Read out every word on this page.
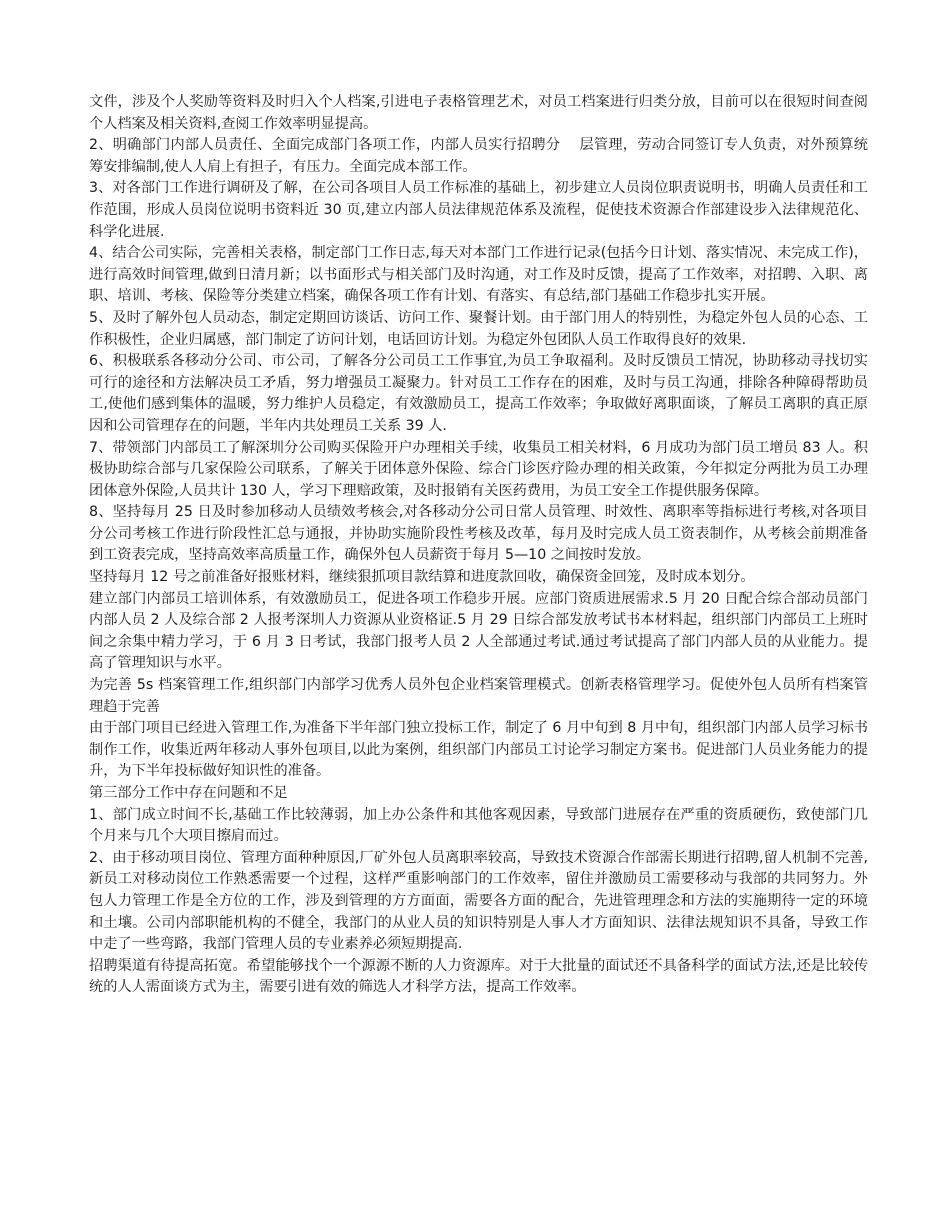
文件，涉及个人奖励等资料及时归入个人档案,引进电子表格管理艺术，对员工档案进行归类分放，目前可以在很短时间查阅个人档案及相关资料,查阅工作效率明显提高。

2、明确部门内部人员责任、全面完成部门各项工作，内部人员实行招聘分　 层管理，劳动合同签订专人负责，对外预算统筹安排编制,使人人肩上有担子，有压力。全面完成本部工作。

3、对各部门工作进行调研及了解，在公司各项目人员工作标准的基础上，初步建立人员岗位职责说明书，明确人员责任和工作范围，形成人员岗位说明书资料近 30 页,建立内部人员法律规范体系及流程，促使技术资源合作部建设步入法律规范化、科学化进展.

4、结合公司实际，完善相关表格，制定部门工作日志,每天对本部门工作进行记录(包括今日计划、落实情况、未完成工作)，进行高效时间管理,做到日清月新；以书面形式与相关部门及时沟通，对工作及时反馈，提高了工作效率，对招聘、入职、离职、培训、考核、保险等分类建立档案，确保各项工作有计划、有落实、有总结,部门基础工作稳步扎实开展。

5、及时了解外包人员动态，制定定期回访谈话、访问工作、聚餐计划。由于部门用人的特别性，为稳定外包人员的心态、工作积极性，企业归属感，部门制定了访问计划，电话回访计划。为稳定外包团队人员工作取得良好的效果.

6、积极联系各移动分公司、市公司，了解各分公司员工工作事宜,为员工争取福利。及时反馈员工情况，协助移动寻找切实可行的途径和方法解决员工矛盾，努力增强员工凝聚力。针对员工工作存在的困难，及时与员工沟通，排除各种障碍帮助员工,使他们感到集体的温暖，努力维护人员稳定，有效激励员工，提高工作效率；争取做好离职面谈，了解员工离职的真正原因和公司管理存在的问题，半年内共处理员工关系 39 人.

7、带领部门内部员工了解深圳分公司购买保险开户办理相关手续，收集员工相关材料，6 月成功为部门员工增员 83 人。积极协助综合部与几家保险公司联系，了解关于团体意外保险、综合门诊医疗险办理的相关政策，今年拟定分两批为员工办理团体意外保险,人员共计 130 人，学习下理赔政策，及时报销有关医药费用，为员工安全工作提供服务保障。

8、坚持每月 25 日及时参加移动人员绩效考核会,对各移动分公司日常人员管理、时效性、离职率等指标进行考核,对各项目分公司考核工作进行阶段性汇总与通报，并协助实施阶段性考核及改革，每月及时完成人员工资表制作，从考核会前期准备到工资表完成，坚持高效率高质量工作，确保外包人员薪资于每月 5—10 之间按时发放。

坚持每月 12 号之前准备好报账材料，继续狠抓项目款结算和进度款回收，确保资金回笼，及时成本划分。

建立部门内部员工培训体系，有效激励员工，促进各项工作稳步开展。应部门资质进展需求.5 月 20 日配合综合部动员部门内部人员 2 人及综合部 2 人报考深圳人力资源从业资格证.5 月 29 日综合部发放考试书本材料起，组织部门内部员工上班时间之余集中精力学习，于 6 月 3 日考试，我部门报考人员 2 人全部通过考试.通过考试提高了部门内部人员的从业能力。提高了管理知识与水平。

为完善 5s 档案管理工作,组织部门内部学习优秀人员外包企业档案管理模式。创新表格管理学习。促使外包人员所有档案管理趋于完善

由于部门项目已经进入管理工作,为准备下半年部门独立投标工作，制定了 6 月中旬到 8 月中旬，组织部门内部人员学习标书制作工作，收集近两年移动人事外包项目,以此为案例，组织部门内部员工讨论学习制定方案书。促进部门人员业务能力的提升，为下半年投标做好知识性的准备。

第三部分工作中存在问题和不足

1、部门成立时间不长,基础工作比较薄弱，加上办公条件和其他客观因素，导致部门进展存在严重的资质硬伤，致使部门几个月来与几个大项目擦肩而过。

2、由于移动项目岗位、管理方面种种原因,厂矿外包人员离职率较高，导致技术资源合作部需长期进行招聘,留人机制不完善,新员工对移动岗位工作熟悉需要一个过程，这样严重影响部门的工作效率，留住并激励员工需要移动与我部的共同努力。外包人力管理工作是全方位的工作，涉及到管理的方方面面，需要各方面的配合，先进管理理念和方法的实施期待一定的环境和土壤。公司内部职能机构的不健全，我部门的从业人员的知识特别是人事人才方面知识、法律法规知识不具备，导致工作中走了一些弯路，我部门管理人员的专业素养必须短期提高.

招聘渠道有待提高拓宽。希望能够找个一个源源不断的人力资源库。对于大批量的面试还不具备科学的面试方法,还是比较传统的人人需面谈方式为主，需要引进有效的筛选人才科学方法，提高工作效率。
